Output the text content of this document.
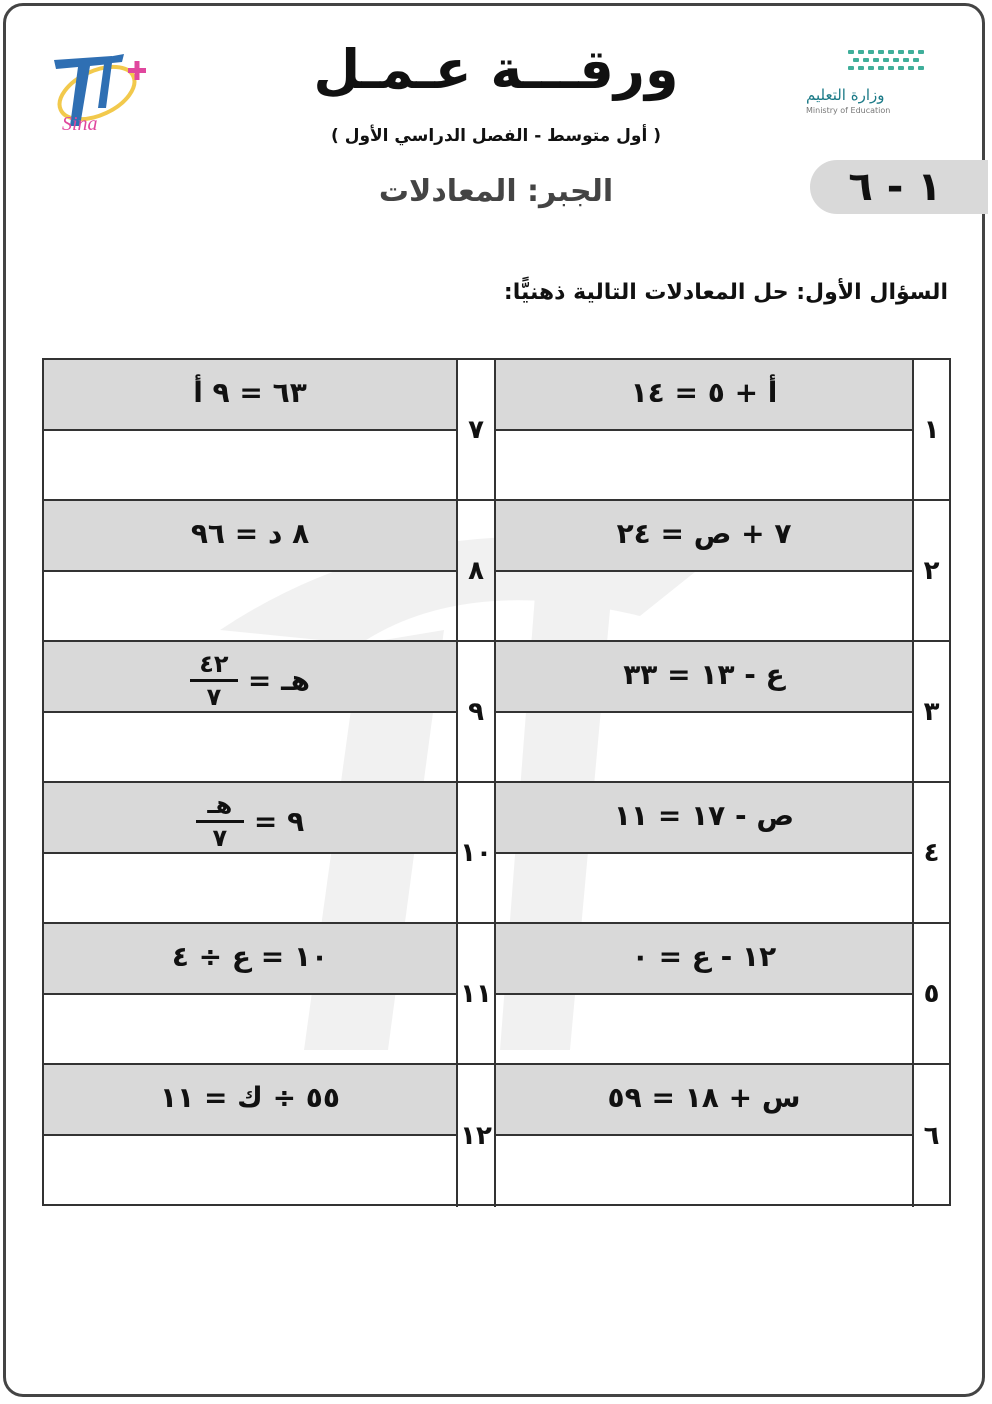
Sina
وزارة التعليم
Ministry of Education
ورقـــة عـمـل
( أول متوسط - الفصل الدراسي الأول )
١ - ٦
الجبر: المعادلات
السؤال الأول: حل المعادلات التالية ذهنيًّا:
١
أ + ٥ = ١٤
٧
٦٣ = ٩ أ
٢
٧ + ص = ٢٤
٨
٨ د = ٩٦
٣
ع - ١٣ = ٣٣
٩
هـ =
$\frac{٤٢}{٧}$
٤
ص - ١٧ = ١١
١٠
٩ =
$\frac{\text{هـ}}{٧}$
٥
١٢ - ع = ٠
١١
١٠ = ع ÷ ٤
٦
س + ١٨ = ٥٩
١٢
٥٥ ÷ ك = ١١
